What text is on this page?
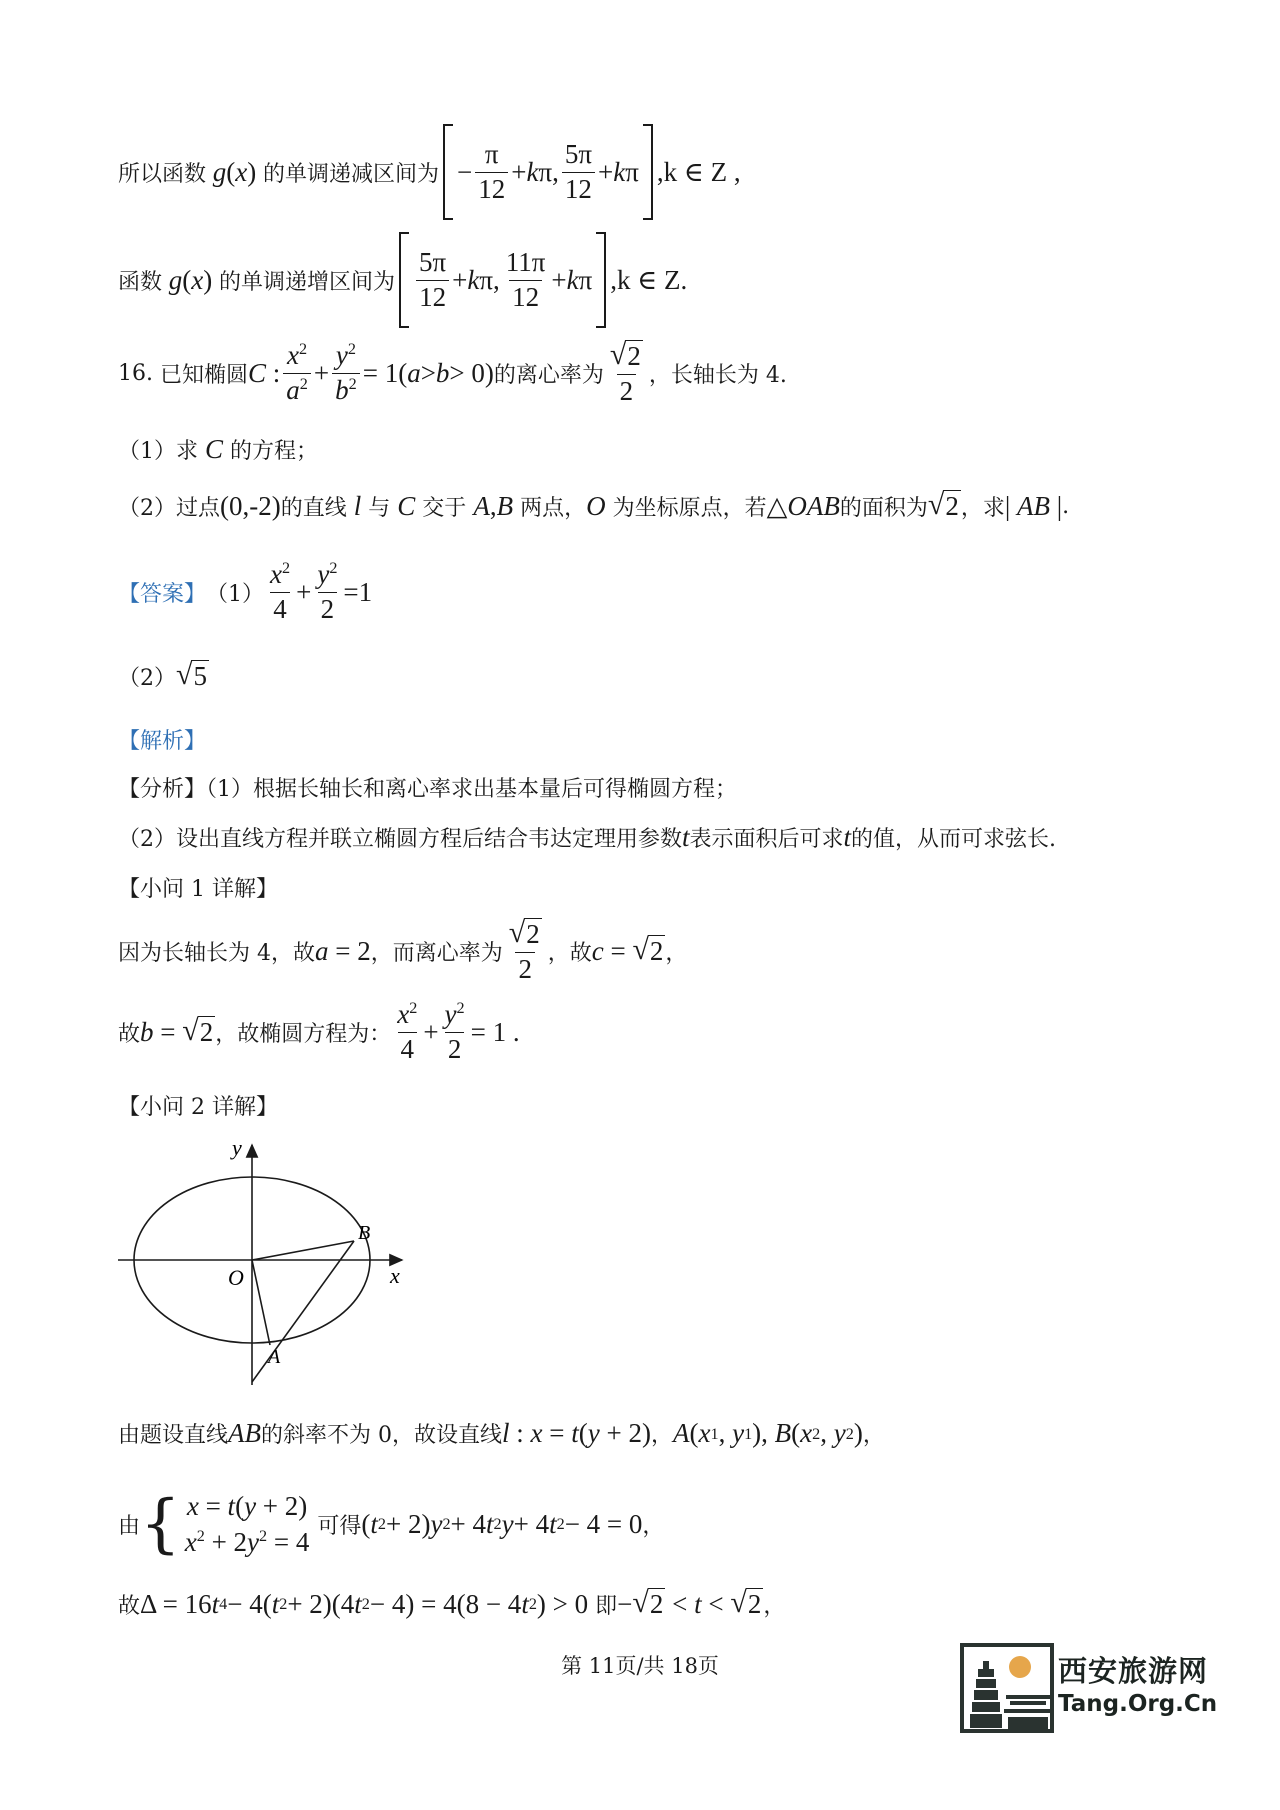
所以函数
g ( x ) 的单调递减区间为 − $\frac{\pi}{12} + k$ π, $\frac{5\pi}{12} + k$ π ,k ∈ Z ,
函数
g ( x ) 的单调递增区间为 $\frac{5\pi}{12} + k$ π, $\frac{11\pi}{12} + k$ π ,k ∈ Z.
16.
已知椭圆 C : $\frac{x^2}{a^2} + \frac{y^2}{b^2} = 1$( a > b > 0) 的离心率为 $\frac{√ 2}{2}$ ，长轴长为 4.
（1）求
C
的方程；
（2）过点 (0,-2) 的直线
l
与
C
交于
A , B
两点， O
为坐标原点，若 △ OAB 的面积为 √ 2 ，求 | AB | .
【答案】 $(1) \frac{x^2}{4} + \frac{y^2}{2} =1$
（2） √ 5
【解析】
【分析】（1）根据长轴长和离心率求出基本量后可得椭圆方程；
（2）设出直线方程并联立椭圆方程后结合韦达定理用参数 t 表示面积后可求 t 的值，从而可求弦长.
【小问 1 详解】
因为长轴长为 4，故 a = 2 ，而离心率为 $\frac{√ 2}{2}$ ，故 c = √ 2 ，
故 b = √ 2 ，故椭圆方程为： $\frac{x^2}{4} + \frac{y^2}{2} = 1$ .
【小问 2 详解】
y
x
O
B
A
由题设直线 AB 的斜率不为 0，故设直线 l : x = t ( y + 2) ， A ( x 1 , y 1 ), B ( x 2 , y 2 ) ，
由 { x = t(y + 2)
$x^2 + 2y^2 = 4$
可得 ( t 2 + 2) y 2 + 4 t 2 y + 4 t 2 − 4 = 0 ，
故 Δ = 16 t 4 − 4( t 2 + 2)(4 t 2 − 4) = 4(8 − 4 t 2 ) > 0
即 − √ 2 < t < √ 2 ，
第 11页/共 18页	西安旅游网
Tang.Org.Cn
